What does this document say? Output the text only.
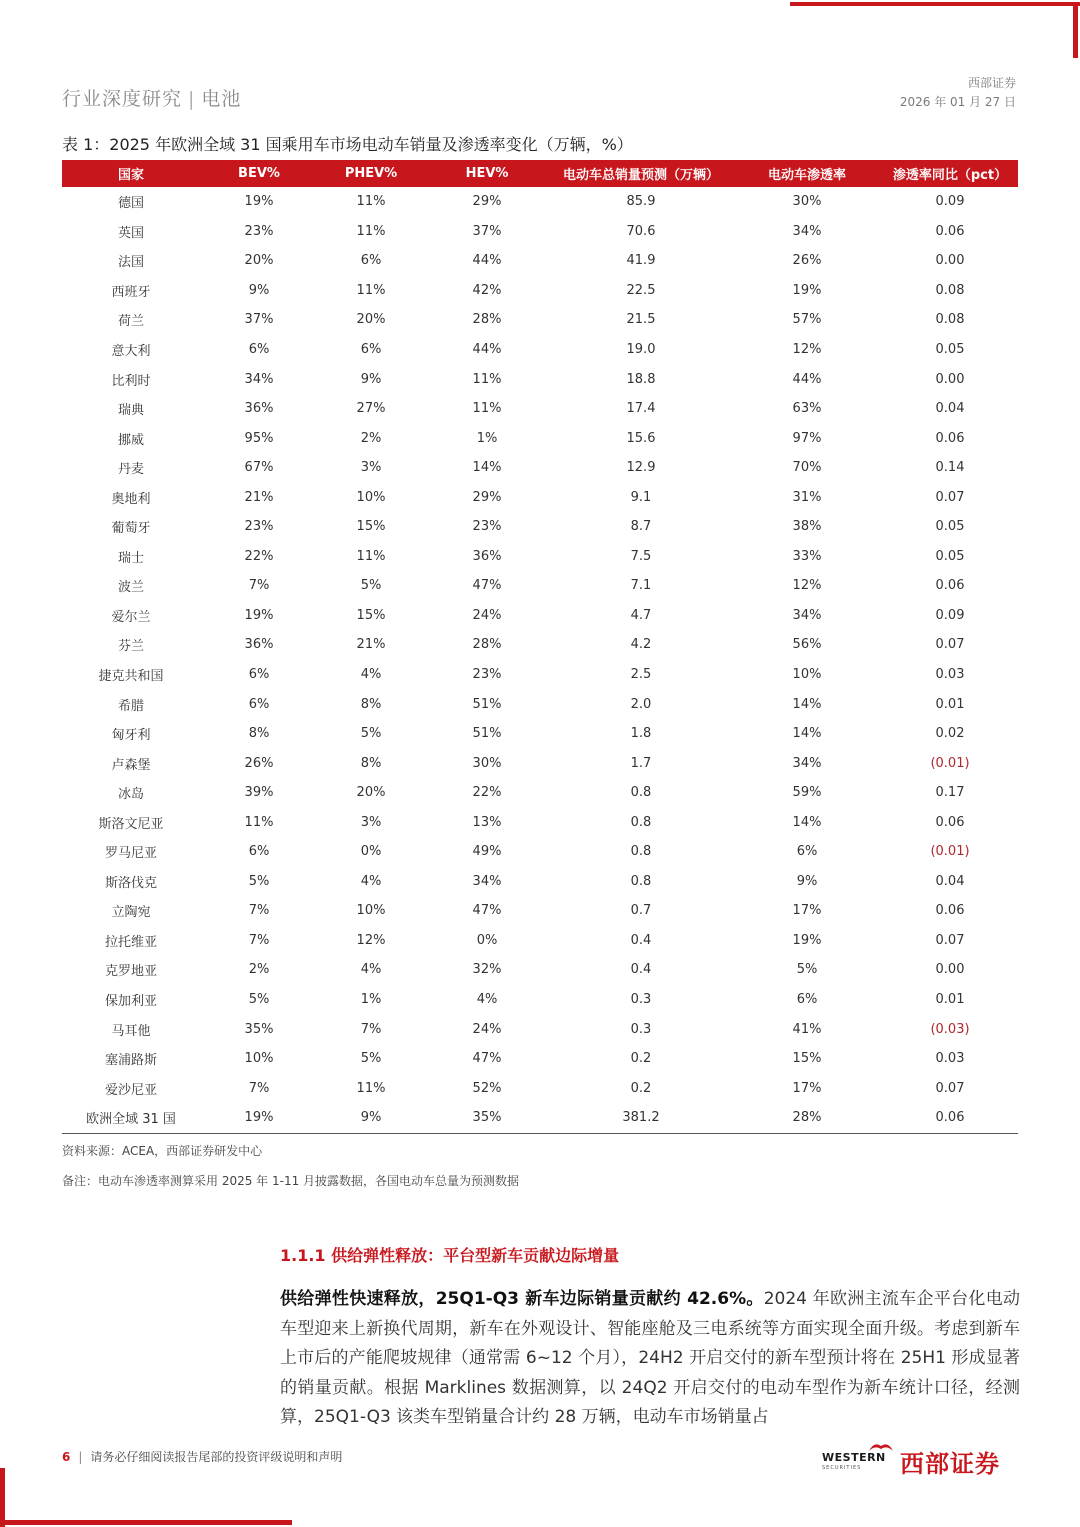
行业深度研究 | 电池
西部证券
2026 年 01 月 27 日
表 1：2025 年欧洲全域 31 国乘用车市场电动车销量及渗透率变化（万辆，%）
国家	BEV%	PHEV%	HEV%	电动车总销量预测（万辆）	电动车渗透率	渗透率同比（pct）
德国	19%	11%	29%	85.9	30%	0.09
英国	23%	11%	37%	70.6	34%	0.06
法国	20%	6%	44%	41.9	26%	0.00
西班牙	9%	11%	42%	22.5	19%	0.08
荷兰	37%	20%	28%	21.5	57%	0.08
意大利	6%	6%	44%	19.0	12%	0.05
比利时	34%	9%	11%	18.8	44%	0.00
瑞典	36%	27%	11%	17.4	63%	0.04
挪威	95%	2%	1%	15.6	97%	0.06
丹麦	67%	3%	14%	12.9	70%	0.14
奥地利	21%	10%	29%	9.1	31%	0.07
葡萄牙	23%	15%	23%	8.7	38%	0.05
瑞士	22%	11%	36%	7.5	33%	0.05
波兰	7%	5%	47%	7.1	12%	0.06
爱尔兰	19%	15%	24%	4.7	34%	0.09
芬兰	36%	21%	28%	4.2	56%	0.07
捷克共和国	6%	4%	23%	2.5	10%	0.03
希腊	6%	8%	51%	2.0	14%	0.01
匈牙利	8%	5%	51%	1.8	14%	0.02
卢森堡	26%	8%	30%	1.7	34%	(0.01)
冰岛	39%	20%	22%	0.8	59%	0.17
斯洛文尼亚	11%	3%	13%	0.8	14%	0.06
罗马尼亚	6%	0%	49%	0.8	6%	(0.01)
斯洛伐克	5%	4%	34%	0.8	9%	0.04
立陶宛	7%	10%	47%	0.7	17%	0.06
拉托维亚	7%	12%	0%	0.4	19%	0.07
克罗地亚	2%	4%	32%	0.4	5%	0.00
保加利亚	5%	1%	4%	0.3	6%	0.01
马耳他	35%	7%	24%	0.3	41%	(0.03)
塞浦路斯	10%	5%	47%	0.2	15%	0.03
爱沙尼亚	7%	11%	52%	0.2	17%	0.07
欧洲全域 31 国	19%	9%	35%	381.2	28%	0.06
资料来源：ACEA，西部证券研发中心
备注：电动车渗透率测算采用 2025 年 1-11 月披露数据，各国电动车总量为预测数据
1.1.1 供给弹性释放：平台型新车贡献边际增量
供给弹性快速释放，25Q1-Q3 新车边际销量贡献约 42.6%。2024 年欧洲主流车企平台化电动车型迎来上新换代周期，新车在外观设计、智能座舱及三电系统等方面实现全面升级。考虑到新车上市后的产能爬坡规律（通常需 6~12 个月），24H2 开启交付的新车型预计将在 25H1 形成显著的销量贡献。根据 Marklines 数据测算，以 24Q2 开启交付的电动车型作为新车统计口径，经测算，25Q1-Q3 该类车型销量合计约 28 万辆，电动车市场销量占
6 | 请务必仔细阅读报告尾部的投资评级说明和声明	WESTERN
SECURITIES 西部证券
